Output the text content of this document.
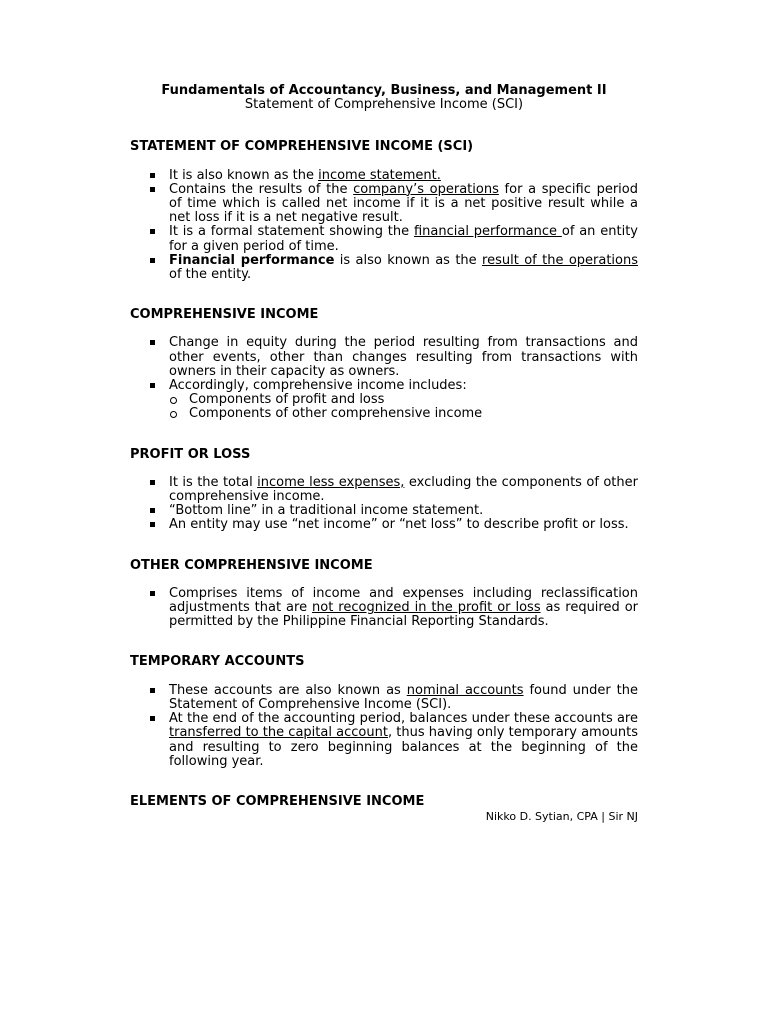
Fundamentals of Accountancy, Business, and Management II

Statement of Comprehensive Income (SCI)

STATEMENT OF COMPREHENSIVE INCOME (SCI)
It is also known as the income statement.
Contains the results of the company’s operations for a specific period of time which is called net income if it is a net positive result while a net loss if it is a net negative result.
It is a formal statement showing the financial performance of an entity for a given period of time.
Financial performance is also known as the result of the operations of the entity.
COMPREHENSIVE INCOME
Change in equity during the period resulting from transactions and other events, other than changes resulting from transactions with owners in their capacity as owners.
Accordingly, comprehensive income includes:
Components of profit and loss
Components of other comprehensive income
PROFIT OR LOSS
It is the total income less expenses, excluding the components of other comprehensive income.
“Bottom line” in a traditional income statement.
An entity may use “net income” or “net loss” to describe profit or loss.
OTHER COMPREHENSIVE INCOME
Comprises items of income and expenses including reclassification adjustments that are not recognized in the profit or loss as required or permitted by the Philippine Financial Reporting Standards.
TEMPORARY ACCOUNTS
These accounts are also known as nominal accounts found under the Statement of Comprehensive Income (SCI).
At the end of the accounting period, balances under these accounts are transferred to the capital account, thus having only temporary amounts and resulting to zero beginning balances at the beginning of the following year.
ELEMENTS OF COMPREHENSIVE INCOME
Nikko D. Sytian, CPA | Sir NJ
